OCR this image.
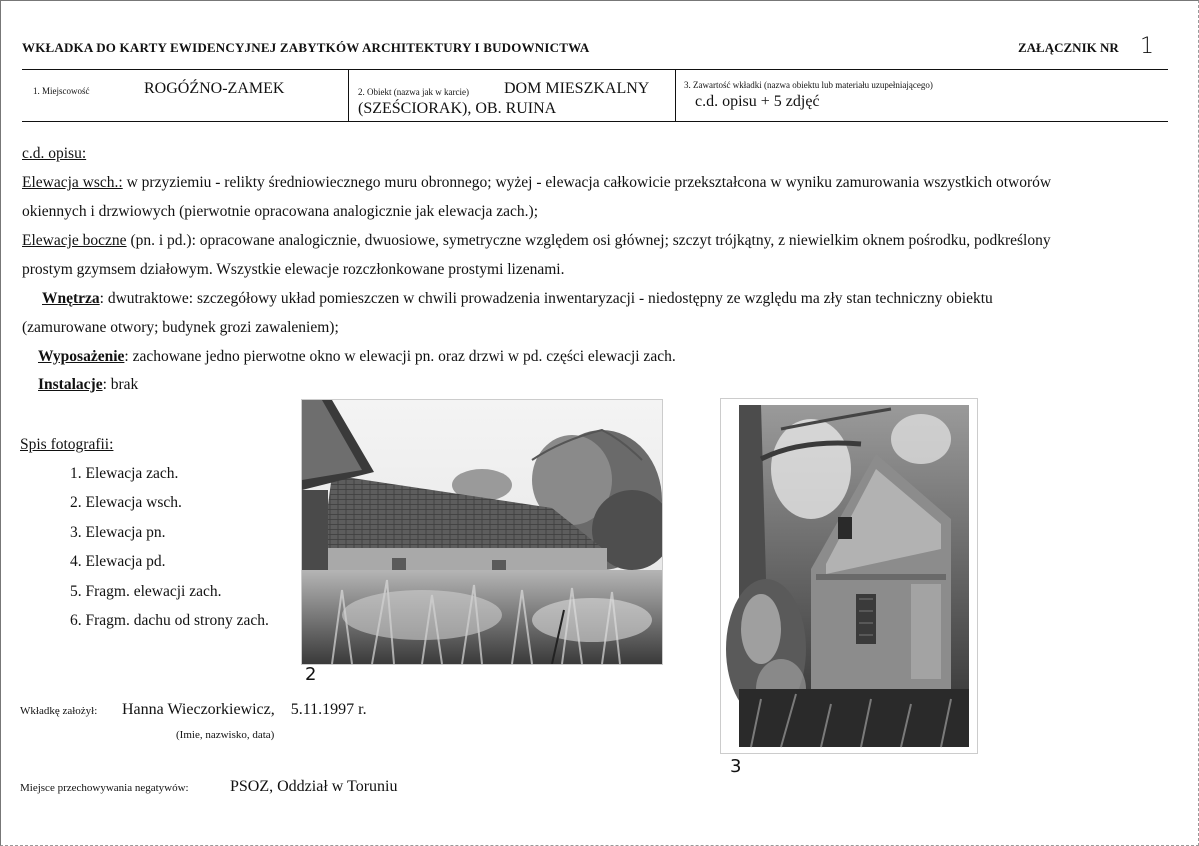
WKŁADKA DO KARTY EWIDENCYJNEJ ZABYTKÓW ARCHITEKTURY I BUDOWNICTWA	ZAŁĄCZNIK NR 1
1. Miejscowość	ROGÓŹNO-ZAMEK	2. Obiekt (nazwa jak w karcie) DOM MIESZKALNY
(SZEŚCIORAK), OB. RUINA
3. Zawartość wkładki (nazwa obiektu lub materiału uzupełniającego)
c.d. opisu + 5 zdjęć
c.d. opisu:
Elewacja wsch.: w przyziemiu - relikty średniowiecznego muru obronnego; wyżej - elewacja całkowicie przekształcona w wyniku zamurowania wszystkich otworów
okiennych i drzwiowych (pierwotnie opracowana analogicznie jak elewacja zach.);
Elewacje boczne (pn. i pd.): opracowane analogicznie, dwuosiowe, symetryczne względem osi głównej; szczyt trójkątny, z niewielkim oknem pośrodku, podkreślony
prostym gzymsem działowym. Wszystkie elewacje rozczłonkowane prostymi lizenami.
Wnętrza: dwutraktowe: szczegółowy układ pomieszczen w chwili prowadzenia inwentaryzacji - niedostępny ze względu ma zły stan techniczny obiektu
(zamurowane otwory; budynek grozi zawaleniem);
Wyposażenie: zachowane jedno pierwotne okno w elewacji pn. oraz drzwi w pd. części elewacji zach.
Instalacje: brak
Spis fotografii:
1. Elewacja zach.
2. Elewacja wsch.
3. Elewacja pn.
4. Elewacja pd.
5. Fragm. elewacji zach.
6. Fragm. dachu od strony zach.
2
3
Wkładkę założył: Hanna Wieczorkiewicz,    5.11.1997 r.
(Imie, nazwisko, data)
Miejsce przechowywania negatywów:	PSOZ, Oddział w Toruniu
